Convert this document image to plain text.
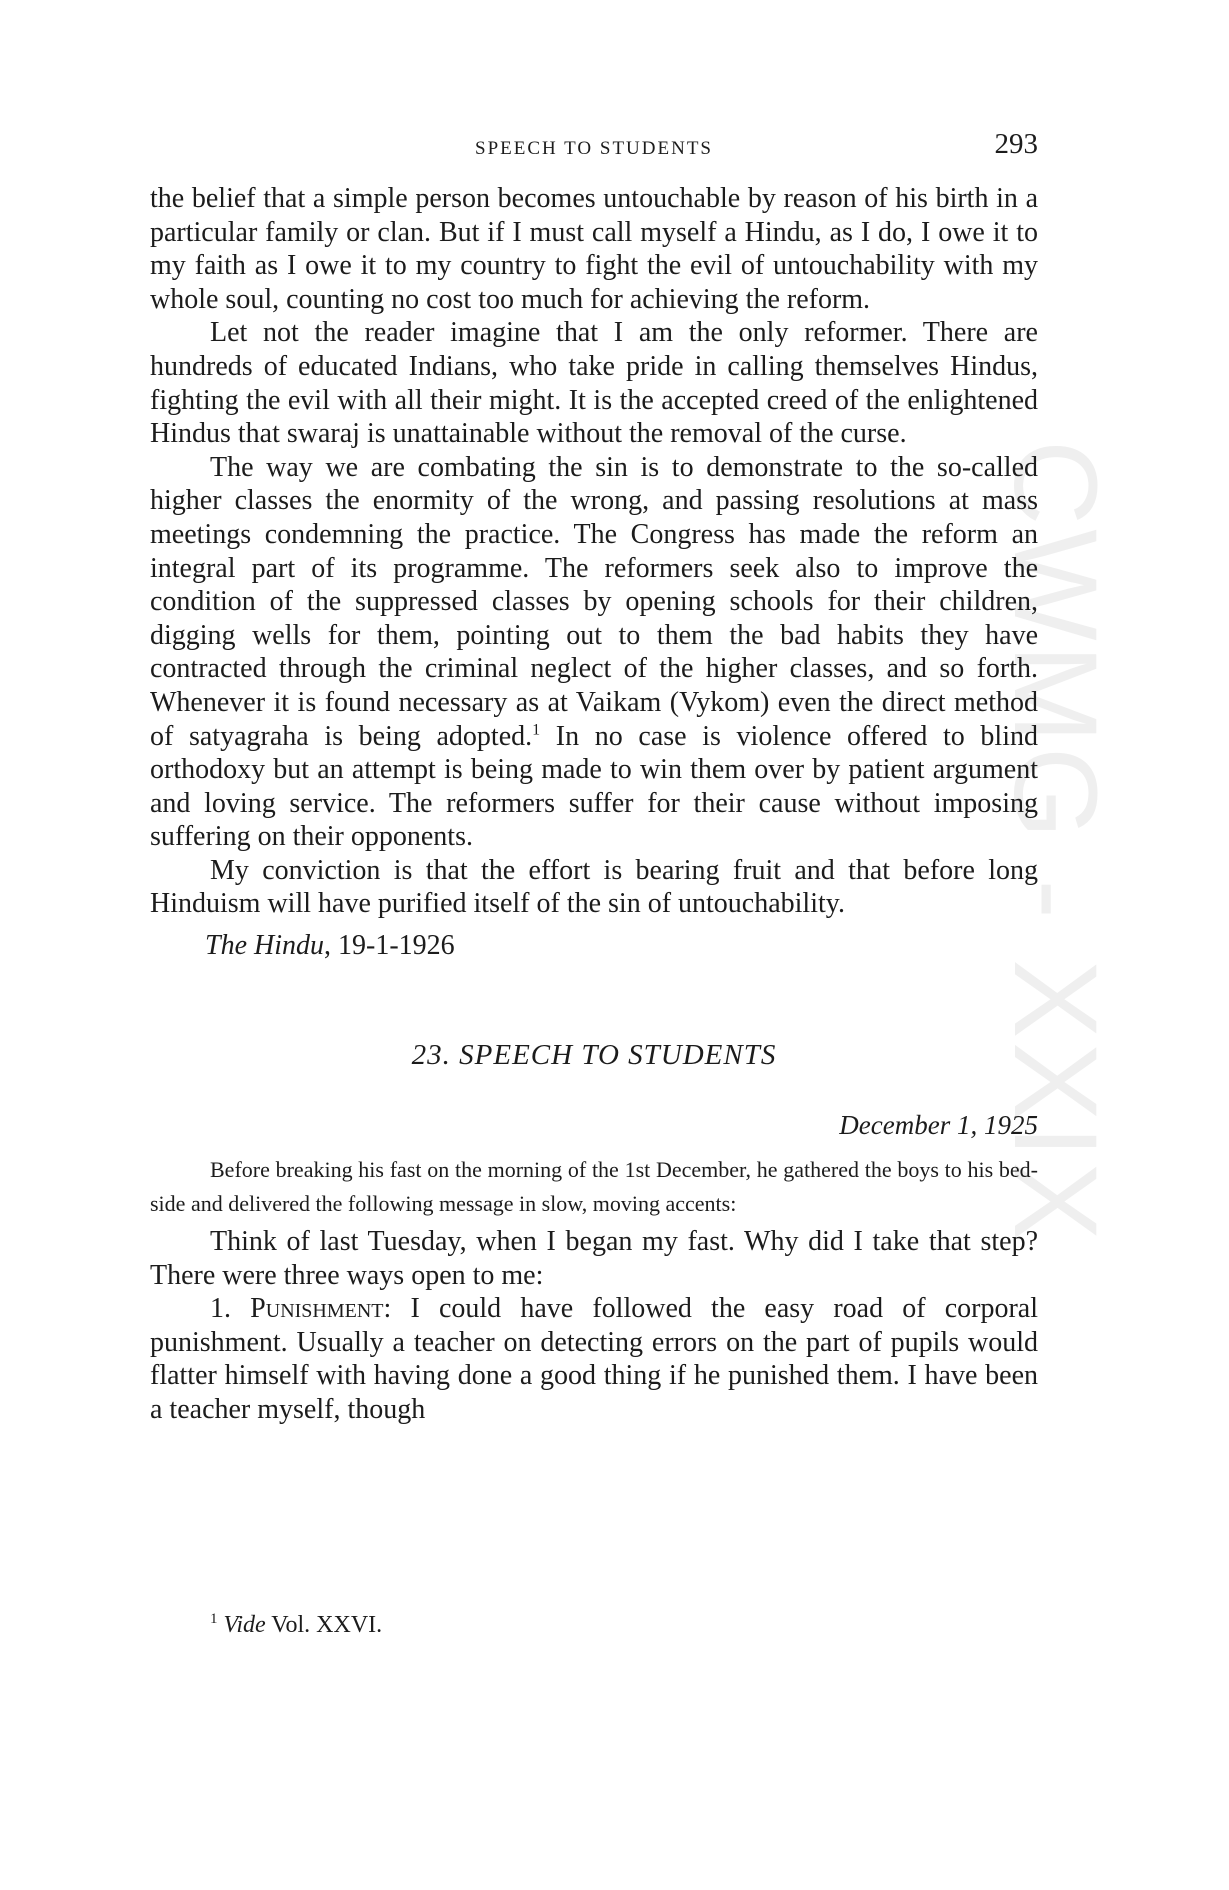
CWMG - XXIX
SPEECH TO STUDENTS	293

the belief that a simple person becomes untouchable by reason of his birth in a particular family or clan. But if I must call myself a Hindu, as I do, I owe it to my faith as I owe it to my country to fight the evil of untouchability with my whole soul, counting no cost too much for achieving the reform.

Let not the reader imagine that I am the only reformer. There are hundreds of educated Indians, who take pride in calling themselves Hindus, fighting the evil with all their might. It is the accepted creed of the enlightened Hindus that swaraj is unattainable without the removal of the curse.

The way we are combating the sin is to demonstrate to the so-called higher classes the enormity of the wrong, and passing resolutions at mass meetings condemning the practice. The Congress has made the reform an integral part of its programme. The reformers seek also to improve the condition of the suppressed classes by opening schools for their children, digging wells for them, pointing out to them the bad habits they have contracted through the criminal neglect of the higher classes, and so forth. Whenever it is found necessary as at Vaikam (Vykom) even the direct method of satyagraha is being adopted.$^1$ In no case is violence offered to blind orthodoxy but an attempt is being made to win them over by patient argument and loving service. The reformers suffer for their cause without imposing suffering on their opponents.

My conviction is that the effort is bearing fruit and that before long Hinduism will have purified itself of the sin of untouchability.

The Hindu, 19-1-1926

23. SPEECH TO STUDENTS
December 1, 1925

Before breaking his fast on the morning of the 1st December, he gathered the boys to his bed-side and delivered the following message in slow, moving accents:

Think of last Tuesday, when I began my fast. Why did I take that step? There were three ways open to me:

1. Punishment: I could have followed the easy road of corporal punishment. Usually a teacher on detecting errors on the part of pupils would flatter himself with having done a good thing if he punished them. I have been a teacher myself, though

$^1$ Vide Vol. XXVI.
